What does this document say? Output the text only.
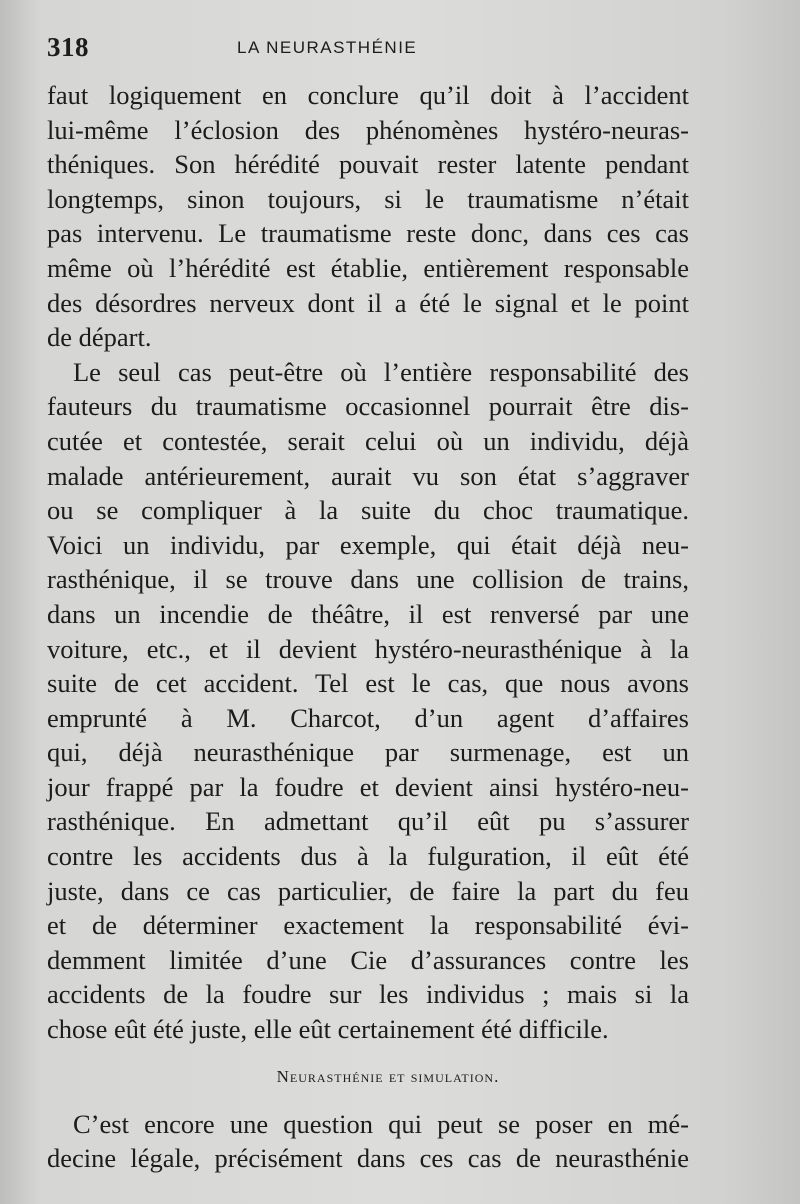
318	LA NEURASTHÉNIE
faut logiquement en conclure qu’il doit à l’accident
lui-même l’éclosion des phénomènes hystéro-neuras-
théniques. Son hérédité pouvait rester latente pendant
longtemps, sinon toujours, si le traumatisme n’était
pas intervenu. Le traumatisme reste donc, dans ces cas
même où l’hérédité est établie, entièrement responsable
des désordres nerveux dont il a été le signal et le point
de départ.
Le seul cas peut-être où l’entière responsabilité des
fauteurs du traumatisme occasionnel pourrait être dis-
cutée et contestée, serait celui où un individu, déjà
malade antérieurement, aurait vu son état s’aggraver
ou se compliquer à la suite du choc traumatique.
Voici un individu, par exemple, qui était déjà neu-
rasthénique, il se trouve dans une collision de trains,
dans un incendie de théâtre, il est renversé par une
voiture, etc., et il devient hystéro-neurasthénique à la
suite de cet accident. Tel est le cas, que nous avons
emprunté à M. Charcot, d’un agent d’affaires
qui, déjà neurasthénique par surmenage, est un
jour frappé par la foudre et devient ainsi hystéro-neu-
rasthénique. En admettant qu’il eût pu s’assurer
contre les accidents dus à la fulguration, il eût été
juste, dans ce cas particulier, de faire la part du feu
et de déterminer exactement la responsabilité évi-
demment limitée d’une Cie d’assurances contre les
accidents de la foudre sur les individus ; mais si la
chose eût été juste, elle eût certainement été difficile.
Neurasthénie et simulation.
C’est encore une question qui peut se poser en mé-
decine légale, précisément dans ces cas de neurasthénie
